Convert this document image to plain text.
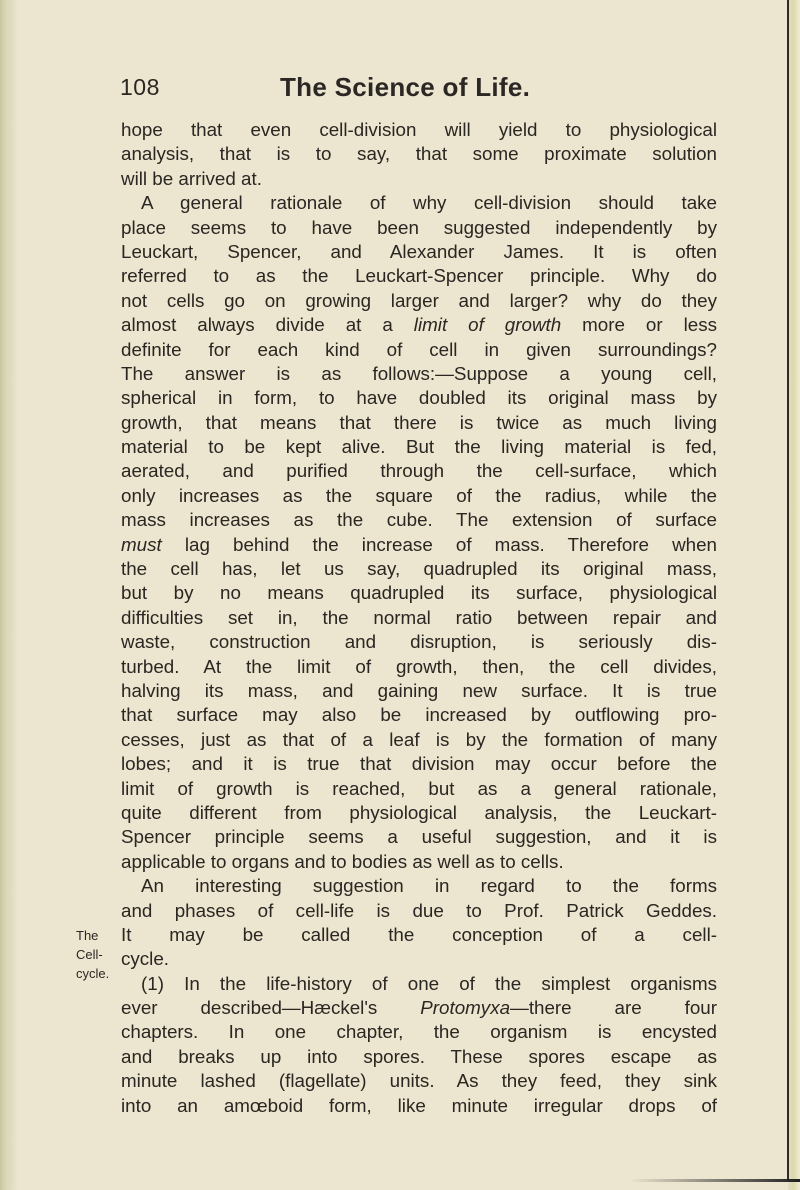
108	The Science of Life.
hope that even cell-division will yield to physiological
analysis, that is to say, that some proximate solution
will be arrived at.
A general rationale of why cell-division should take
place seems to have been suggested independently by
Leuckart, Spencer, and Alexander James. It is often
referred to as the Leuckart-Spencer principle. Why do
not cells go on growing larger and larger? why do they
almost always divide at a limit of growth more or less
definite for each kind of cell in given surroundings?
The answer is as follows:—Suppose a young cell,
spherical in form, to have doubled its original mass by
growth, that means that there is twice as much living
material to be kept alive. But the living material is fed,
aerated, and purified through the cell-surface, which
only increases as the square of the radius, while the
mass increases as the cube. The extension of surface
must lag behind the increase of mass. Therefore when
the cell has, let us say, quadrupled its original mass,
but by no means quadrupled its surface, physiological
difficulties set in, the normal ratio between repair and
waste, construction and disruption, is seriously dis-
turbed. At the limit of growth, then, the cell divides,
halving its mass, and gaining new surface. It is true
that surface may also be increased by outflowing pro-
cesses, just as that of a leaf is by the formation of many
lobes; and it is true that division may occur before the
limit of growth is reached, but as a general rationale,
quite different from physiological analysis, the Leuckart-
Spencer principle seems a useful suggestion, and it is
applicable to organs and to bodies as well as to cells.
An interesting suggestion in regard to the forms
and phases of cell-life is due to Prof. Patrick Geddes.
It may be called the conception of a cell-
cycle.
(1) In the life-history of one of the simplest organisms
ever described—Hæckel's Protomyxa—there are four
chapters. In one chapter, the organism is encysted
and breaks up into spores. These spores escape as
minute lashed (flagellate) units. As they feed, they sink
into an amœboid form, like minute irregular drops of
The Cell-
cycle.
